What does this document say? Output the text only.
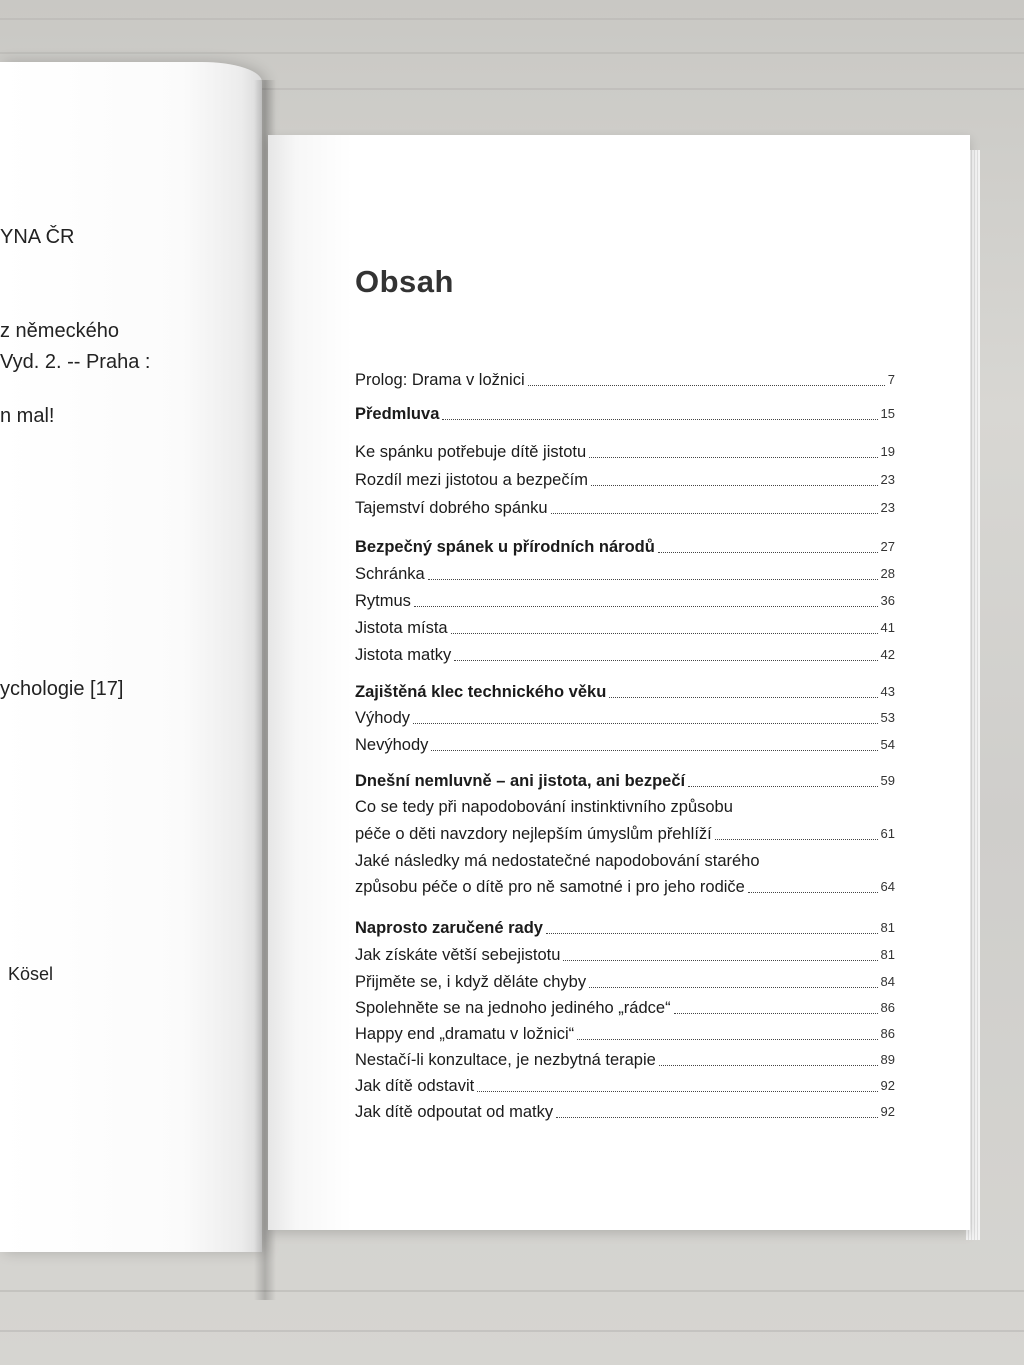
YNA ČR
z německého
Vyd. 2. -- Praha :
n mal!
ychologie [17]
Kösel
Obsah
Prolog: Drama v ložnici	7
Předmluva	15
Ke spánku potřebuje dítě jistotu	19
Rozdíl mezi jistotou a bezpečím	23
Tajemství dobrého spánku	23
Bezpečný spánek u přírodních národů	27
Schránka	28
Rytmus	36
Jistota místa	41
Jistota matky	42
Zajištěná klec technického věku	43
Výhody	53
Nevýhody	54
Dnešní nemluvně – ani jistota, ani bezpečí	59
Co se tedy při napodobování instinktivního způsobu
péče o děti navzdory nejlepším úmyslům přehlíží	61
Jaké následky má nedostatečné napodobování starého
způsobu péče o dítě pro ně samotné i pro jeho rodiče	64
Naprosto zaručené rady	81
Jak získáte větší sebejistotu	81
Přijměte se, i když děláte chyby	84
Spolehněte se na jednoho jediného „rádce“	86
Happy end „dramatu v ložnici“	86
Nestačí-li konzultace, je nezbytná terapie	89
Jak dítě odstavit	92
Jak dítě odpoutat od matky	92
